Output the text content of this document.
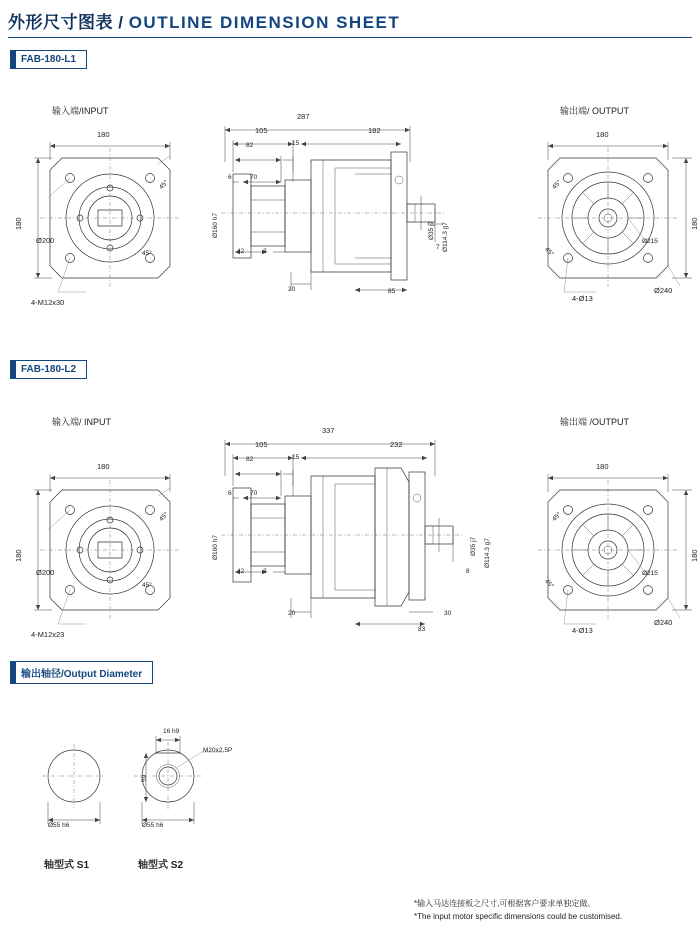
外形尺寸图表 / OUTLINE DIMENSION SHEET
FAB-180-L1
输入端/INPUT	输出端/ OUTPUT
180
180
Ø200
45°
45°
4-M12x30
287
105	182
82	15
6	70
42	3
20	85
7
Ø160 h7	Ø35 j7 Ø114.3 g7
180
180
45°
45°
Ø215
4-Ø13
Ø240
FAB-180-L2
输入端/ INPUT	输出端 /OUTPUT
180
180
Ø200
45°
45°
4-M12x23
337
105	232
82	15
6	70
42	3
20
83
30
8
Ø160 h7	Ø35 j7 Ø114.3 g7
180
180
45°
45°
Ø215
4-Ø13
Ø240
输出轴径/Output Diameter
Ø55 h6
轴型式 S1
16 h9
59
M20x2.5P
Ø55 h6
轴型式 S2
*输入马达连接板之尺寸,可根据客户要求单独定做。
*The input motor specific dimensions could be customised.
